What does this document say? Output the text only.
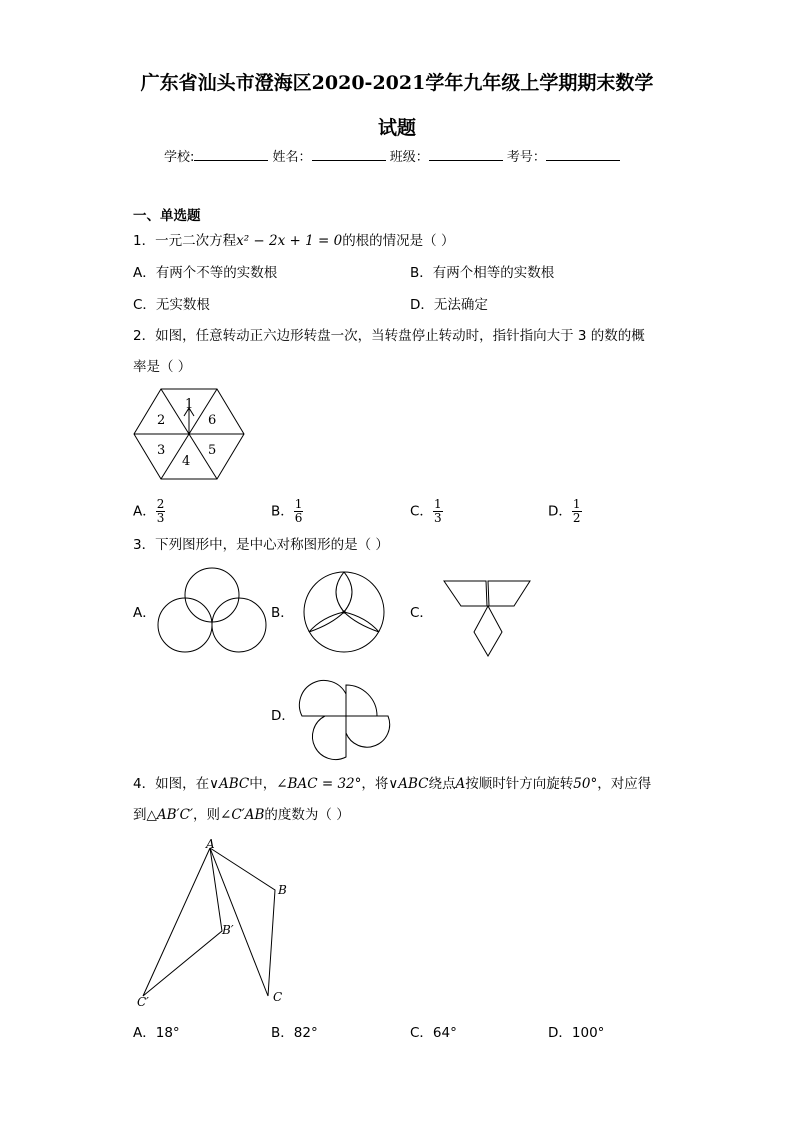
广东省汕头市澄海区2020-2021学年九年级上学期期末数学
试题
学校:	姓名：	班级：	考号：
一、单选题
1．一元二次方程x² − 2x + 1 = 0的根的情况是（ ）
A．有两个不等的实数根	B．有两个相等的实数根
C．无实数根	D．无法确定
2．如图，任意转动正六边形转盘一次，当转盘停止转动时，指针指向大于 3 的数的概
率是（ ）
1
6
5
4
3
2
A． $\frac{2}{3}$	B． $\frac{1}{6}$	C． $\frac{1}{3}$	D． $\frac{1}{2}$
3．下列图形中，是中心对称图形的是（ ）
A．	B．	C．
D．
4．如图，在∨ABC中，∠BAC = 32°，将∨ABC绕点A按顺时针方向旋转50°，对应得
到△AB′C′，则∠C′AB的度数为（ ）
A
B
B′
C
C′
A．18°	B．82°	C．64°	D．100°
